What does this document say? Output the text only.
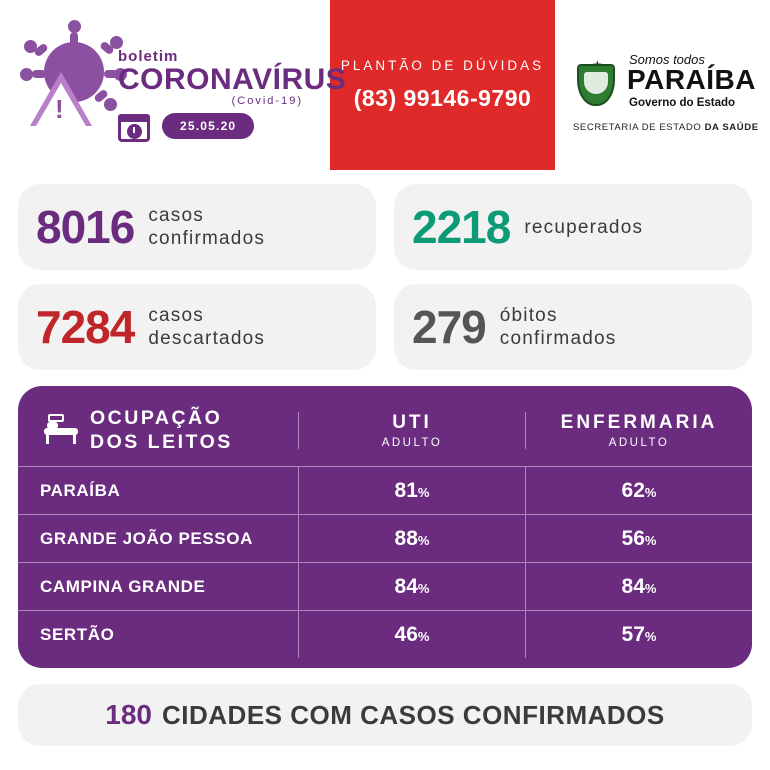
!
boletim
CORONAVÍRUS
(Covid-19)
25.05.20
PLANTÃO DE DÚVIDAS
(83) 99146-9790
Somos todos
PARAÍBA
Governo do Estado
SECRETARIA DE ESTADO DA SAÚDE
8016 casos
confirmados	2218 recuperados
7284 casos
descartados	279 óbitos
confirmados
OCUPAÇÃO
DOS LEITOS
UTI
ADULTO
ENFERMARIA
ADULTO
PARAÍBA	81%	62%
GRANDE JOÃO PESSOA	88%	56%
CAMPINA GRANDE	84%	84%
SERTÃO	46%	57%
180 CIDADES COM CASOS CONFIRMADOS
